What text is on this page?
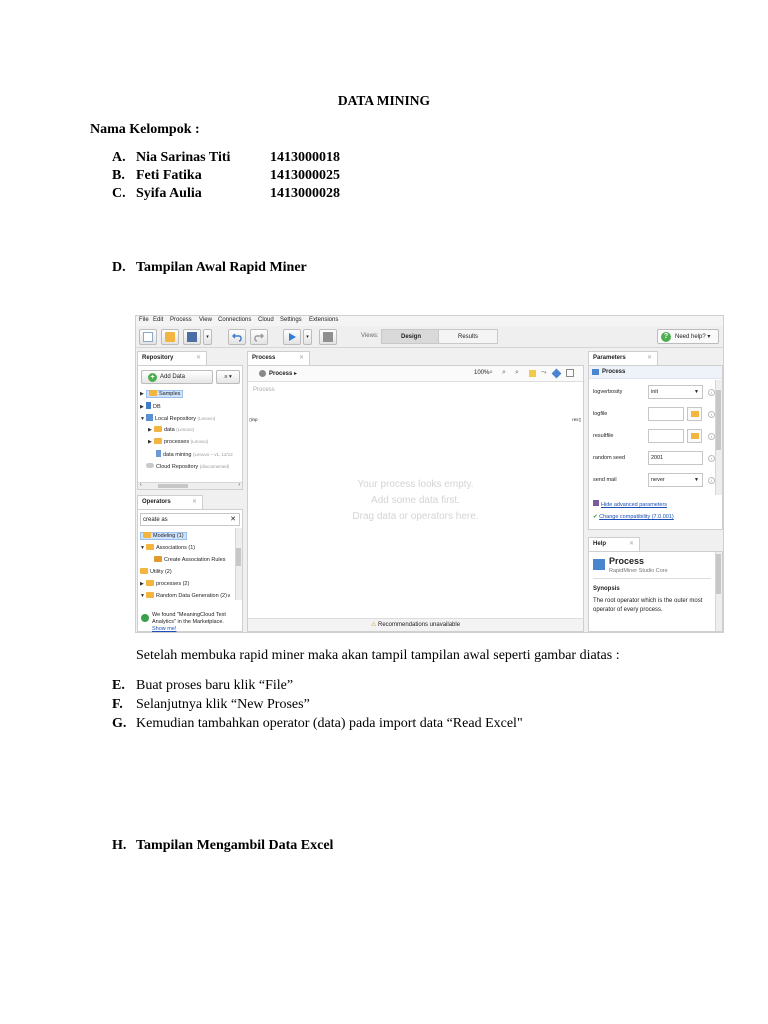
DATA MINING
Nama Kelompok :
A. Nia Sarinas Titi	1413000018
B. Feti Fatika	1413000025
C. Syifa Aulia	1413000028
D. Tampilan Awal Rapid Miner
File Edit Process View Connections Cloud Settings Extensions
▾	▾	Views:	Design	Results	?	Need help? ▾
Repository	✕
+ Add Data	≡ ▾
▶	Samples
▶ DB
▼ Local Repository (Lenovo)
▶ data (Lenovo)
▶ processes (Lenovo)
data mining (Lenovo – v1, 12/12
Cloud Repository (disconnected)
‹	›
Operators	✕
create as	✕
Modeling (1)
▼ Associations (1)
Create Association Rules
Utility (2)
▶ processes (2)
▼ Random Data Generation (2)∨
We found "MeaningCloud Text Analytics" in the Marketplace.
Show me!
Process	✕
Process ▸	100% ⌕ ⌕ ⌕	⤳
Process
▯inp	res▯
Your process looks empty.
Add some data first.
Drag data or operators here.
⚠ Recommendations unavailable
Parameters	✕
Process
logverbosity	init	▼	i
logfile	i
resultfile	i
random seed	2001	i
send mail	never	▼	i
Hide advanced parameters
✔ Change compatibility (7.0.001)
Help	✕
Process
RapidMiner Studio Core
Synopsis
The root operator which is the outer most operator of every process.
Setelah membuka rapid miner maka akan tampil tampilan awal seperti gambar diatas :
E. Buat proses baru klik “File”
F. Selanjutnya klik “New Proses”
G. Kemudian tambahkan operator (data) pada import data “Read Excel"
H. Tampilan Mengambil Data Excel
